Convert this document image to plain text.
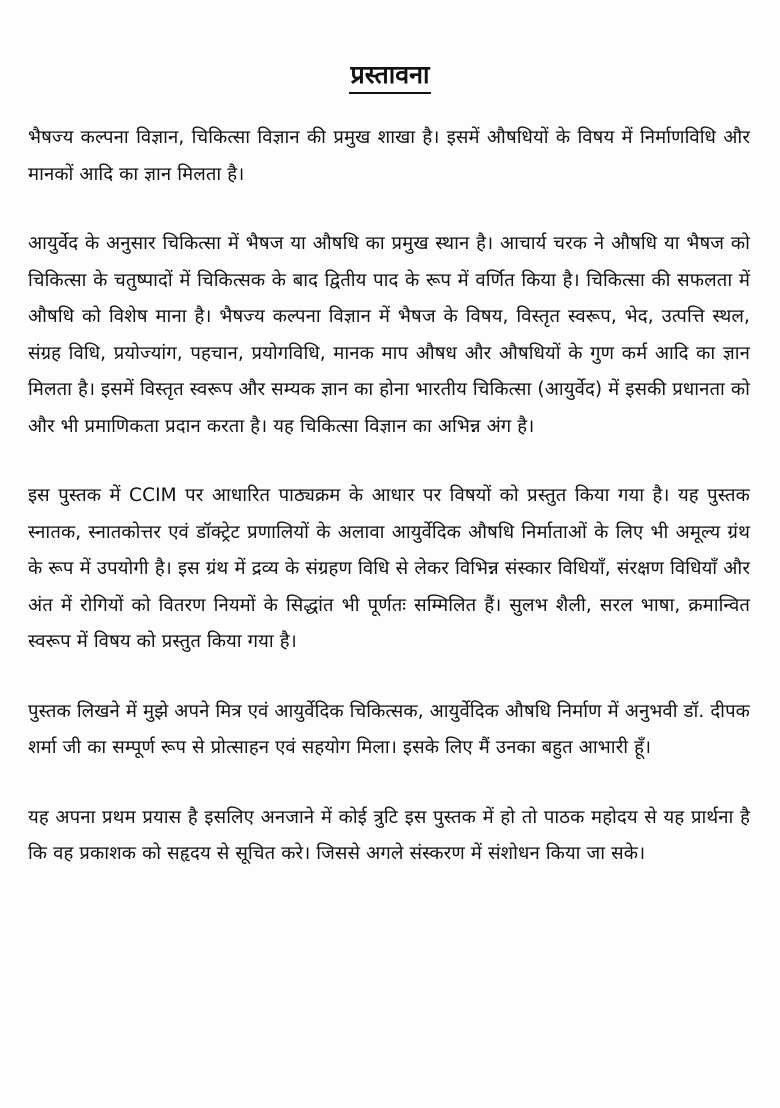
प्रस्तावना

भैषज्य कल्पना विज्ञान, चिकित्सा विज्ञान की प्रमुख शाखा है। इसमें औषधियों के विषय में निर्माणविधि और मानकों आदि का ज्ञान मिलता है।

आयुर्वेद के अनुसार चिकित्सा में भैषज या औषधि का प्रमुख स्थान है। आचार्य चरक ने औषधि या भैषज को चिकित्सा के चतुष्पादों में चिकित्सक के बाद द्वितीय पाद के रूप में वर्णित किया है। चिकित्सा की सफलता में औषधि को विशेष माना है। भैषज्य कल्पना विज्ञान में भैषज के विषय, विस्तृत स्वरूप, भेद, उत्पत्ति स्थल, संग्रह विधि, प्रयोज्यांग, पहचान, प्रयोगविधि, मानक माप औषध और औषधियों के गुण कर्म आदि का ज्ञान मिलता है। इसमें विस्तृत स्वरूप और सम्यक ज्ञान का होना भारतीय चिकित्सा (आयुर्वेद) में इसकी प्रधानता को और भी प्रमाणिकता प्रदान करता है। यह चिकित्सा विज्ञान का अभिन्न अंग है।

इस पुस्तक में CCIM पर आधारित पाठ्यक्रम के आधार पर विषयों को प्रस्तुत किया गया है। यह पुस्तक स्नातक, स्नातकोत्तर एवं डॉक्ट्रेट प्रणालियों के अलावा आयुर्वेदिक औषधि निर्माताओं के लिए भी अमूल्य ग्रंथ के रूप में उपयोगी है। इस ग्रंथ में द्रव्य के संग्रहण विधि से लेकर विभिन्न संस्कार विधियाँ, संरक्षण विधियाँ और अंत में रोगियों को वितरण नियमों के सिद्धांत भी पूर्णतः सम्मिलित हैं। सुलभ शैली, सरल भाषा, क्रमान्वित स्वरूप में विषय को प्रस्तुत किया गया है।

पुस्तक लिखने में मुझे अपने मित्र एवं आयुर्वेदिक चिकित्सक, आयुर्वेदिक औषधि निर्माण में अनुभवी डॉ. दीपक शर्मा जी का सम्पूर्ण रूप से प्रोत्साहन एवं सहयोग मिला। इसके लिए मैं उनका बहुत आभारी हूँ।

यह अपना प्रथम प्रयास है इसलिए अनजाने में कोई त्रुटि इस पुस्तक में हो तो पाठक महोदय से यह प्रार्थना है कि वह प्रकाशक को सहृदय से सूचित करे। जिससे अगले संस्करण में संशोधन किया जा सके।
